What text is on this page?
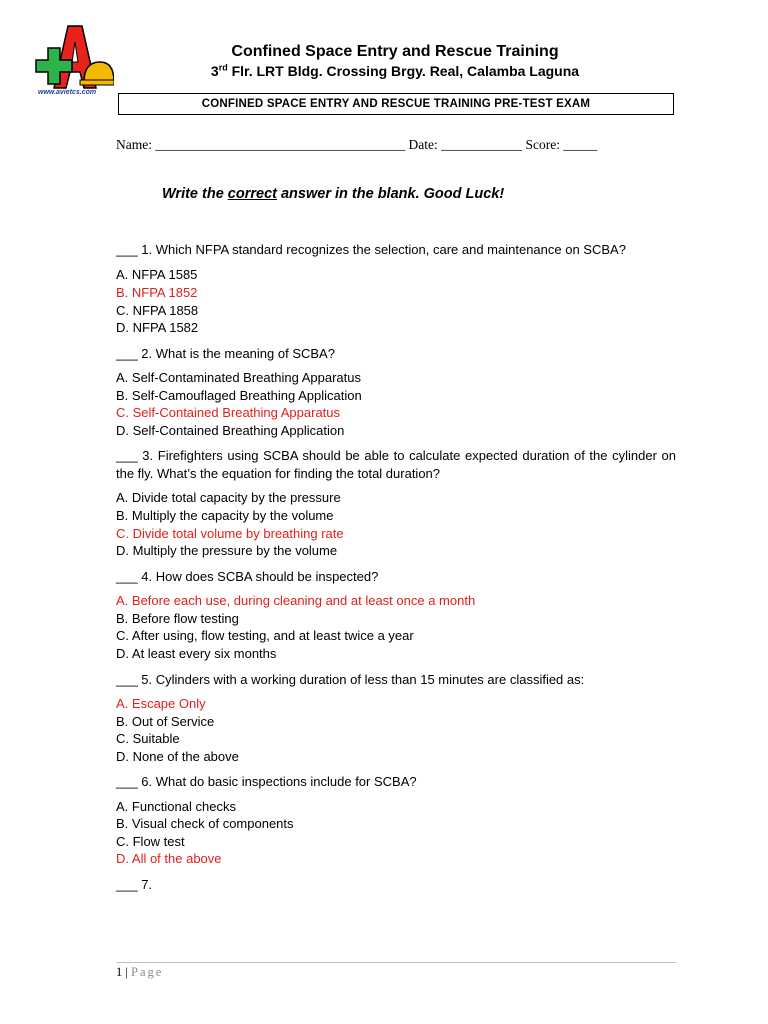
www.avietcs.com
Confined Space Entry and Rescue Training
3rd Flr. LRT Bldg. Crossing Brgy. Real, Calamba Laguna
CONFINED SPACE ENTRY AND RESCUE TRAINING PRE-TEST EXAM
Name: _____________________________________ Date: ____________ Score: _____
Write the correct answer in the blank. Good Luck!
___ 1. Which NFPA standard recognizes the selection, care and maintenance on SCBA?
A. NFPA 1585
B. NFPA 1852
C. NFPA 1858
D. NFPA 1582
___ 2. What is the meaning of SCBA?
A. Self-Contaminated Breathing Apparatus
B. Self-Camouflaged Breathing Application
C. Self-Contained Breathing Apparatus
D. Self-Contained Breathing Application
___ 3. Firefighters using SCBA should be able to calculate expected duration of the cylinder on the fly. What’s the equation for finding the total duration?
A. Divide total capacity by the pressure
B. Multiply the capacity by the volume
C. Divide total volume by breathing rate
D. Multiply the pressure by the volume
___ 4. How does SCBA should be inspected?
A. Before each use, during cleaning and at least once a month
B. Before flow testing
C. After using, flow testing, and at least twice a year
D. At least every six months
___ 5. Cylinders with a working duration of less than 15 minutes are classified as:
A. Escape Only
B. Out of Service
C. Suitable
D. None of the above
___ 6. What do basic inspections include for SCBA?
A. Functional checks
B. Visual check of components
C. Flow test
D. All of the above
___ 7.
1 | Page
